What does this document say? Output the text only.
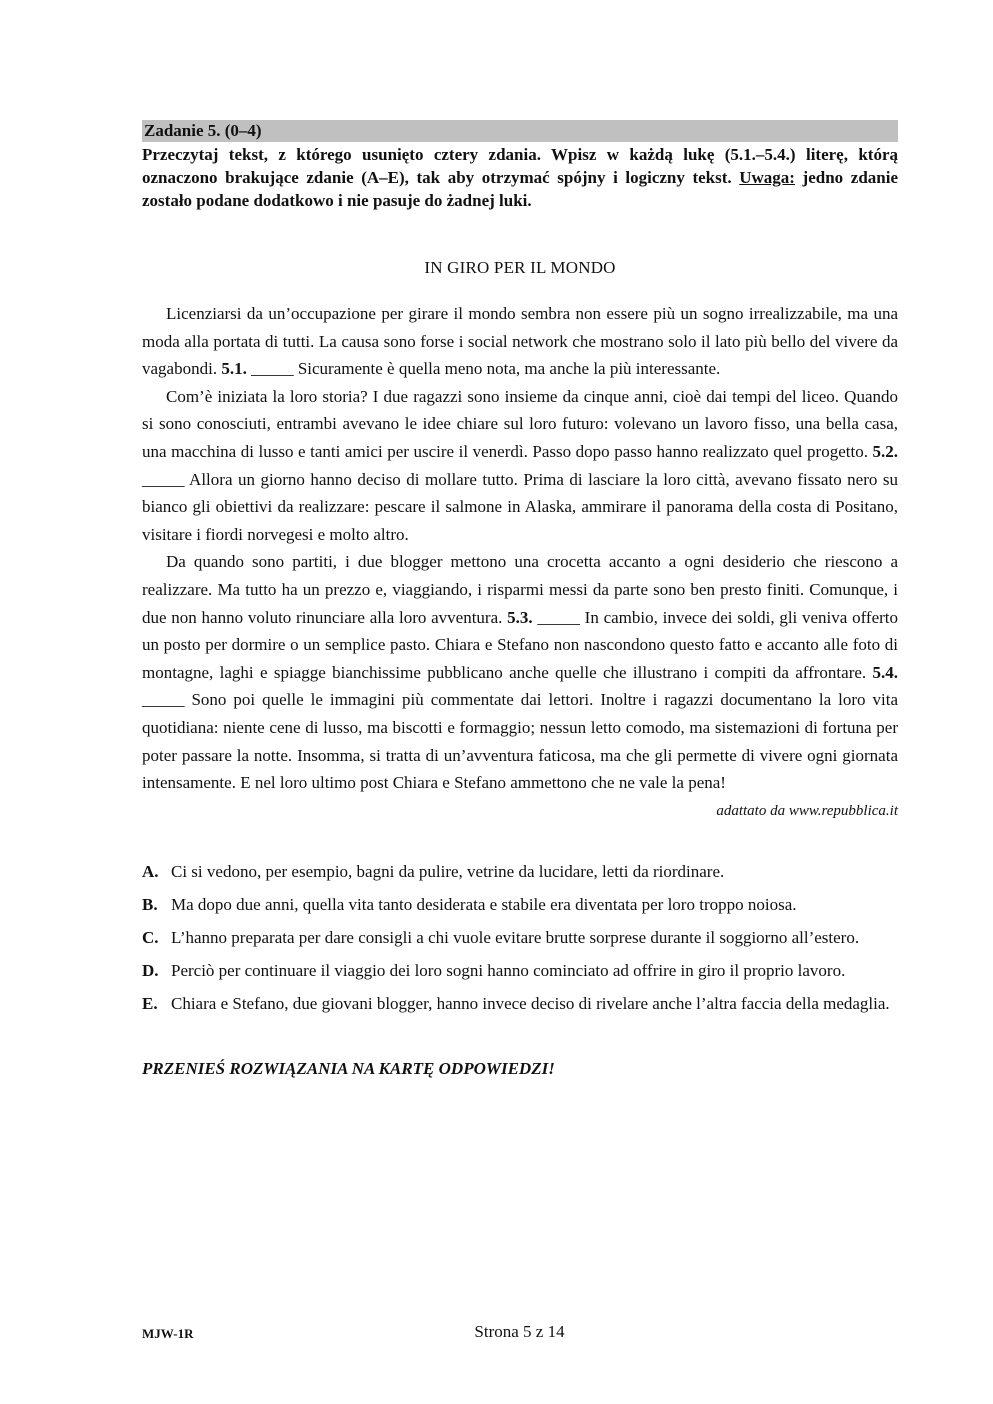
Zadanie 5. (0–4)
Przeczytaj tekst, z którego usunięto cztery zdania. Wpisz w każdą lukę (5.1.–5.4.) literę, którą oznaczono brakujące zdanie (A–E), tak aby otrzymać spójny i logiczny tekst. Uwaga: jedno zdanie zostało podane dodatkowo i nie pasuje do żadnej luki.
IN GIRO PER IL MONDO

Licenziarsi da un’occupazione per girare il mondo sembra non essere più un sogno irrealizzabile, ma una moda alla portata di tutti. La causa sono forse i social network che mostrano solo il lato più bello del vivere da vagabondi. 5.1. _____ Sicuramente è quella meno nota, ma anche la più interessante.

Com’è iniziata la loro storia? I due ragazzi sono insieme da cinque anni, cioè dai tempi del liceo. Quando si sono conosciuti, entrambi avevano le idee chiare sul loro futuro: volevano un lavoro fisso, una bella casa, una macchina di lusso e tanti amici per uscire il venerdì. Passo dopo passo hanno realizzato quel progetto. 5.2. _____ Allora un giorno hanno deciso di mollare tutto. Prima di lasciare la loro città, avevano fissato nero su bianco gli obiettivi da realizzare: pescare il salmone in Alaska, ammirare il panorama della costa di Positano, visitare i fiordi norvegesi e molto altro.

Da quando sono partiti, i due blogger mettono una crocetta accanto a ogni desiderio che riescono a realizzare. Ma tutto ha un prezzo e, viaggiando, i risparmi messi da parte sono ben presto finiti. Comunque, i due non hanno voluto rinunciare alla loro avventura. 5.3. _____ In cambio, invece dei soldi, gli veniva offerto un posto per dormire o un semplice pasto. Chiara e Stefano non nascondono questo fatto e accanto alle foto di montagne, laghi e spiagge bianchissime pubblicano anche quelle che illustrano i compiti da affrontare. 5.4. _____ Sono poi quelle le immagini più commentate dai lettori. Inoltre i ragazzi documentano la loro vita quotidiana: niente cene di lusso, ma biscotti e formaggio; nessun letto comodo, ma sistemazioni di fortuna per poter passare la notte. Insomma, si tratta di un’avventura faticosa, ma che gli permette di vivere ogni giornata intensamente. E nel loro ultimo post Chiara e Stefano ammettono che ne vale la pena!

adattato da www.repubblica.it
A. Ci si vedono, per esempio, bagni da pulire, vetrine da lucidare, letti da riordinare.
B. Ma dopo due anni, quella vita tanto desiderata e stabile era diventata per loro troppo noiosa.
C. L’hanno preparata per dare consigli a chi vuole evitare brutte sorprese durante il soggiorno all’estero.
D. Perciò per continuare il viaggio dei loro sogni hanno cominciato ad offrire in giro il proprio lavoro.
E. Chiara e Stefano, due giovani blogger, hanno invece deciso di rivelare anche l’altra faccia della medaglia.
PRZENIEŚ ROZWIĄZANIA NA KARTĘ ODPOWIEDZI!
MJW-1R	Strona 5 z 14
